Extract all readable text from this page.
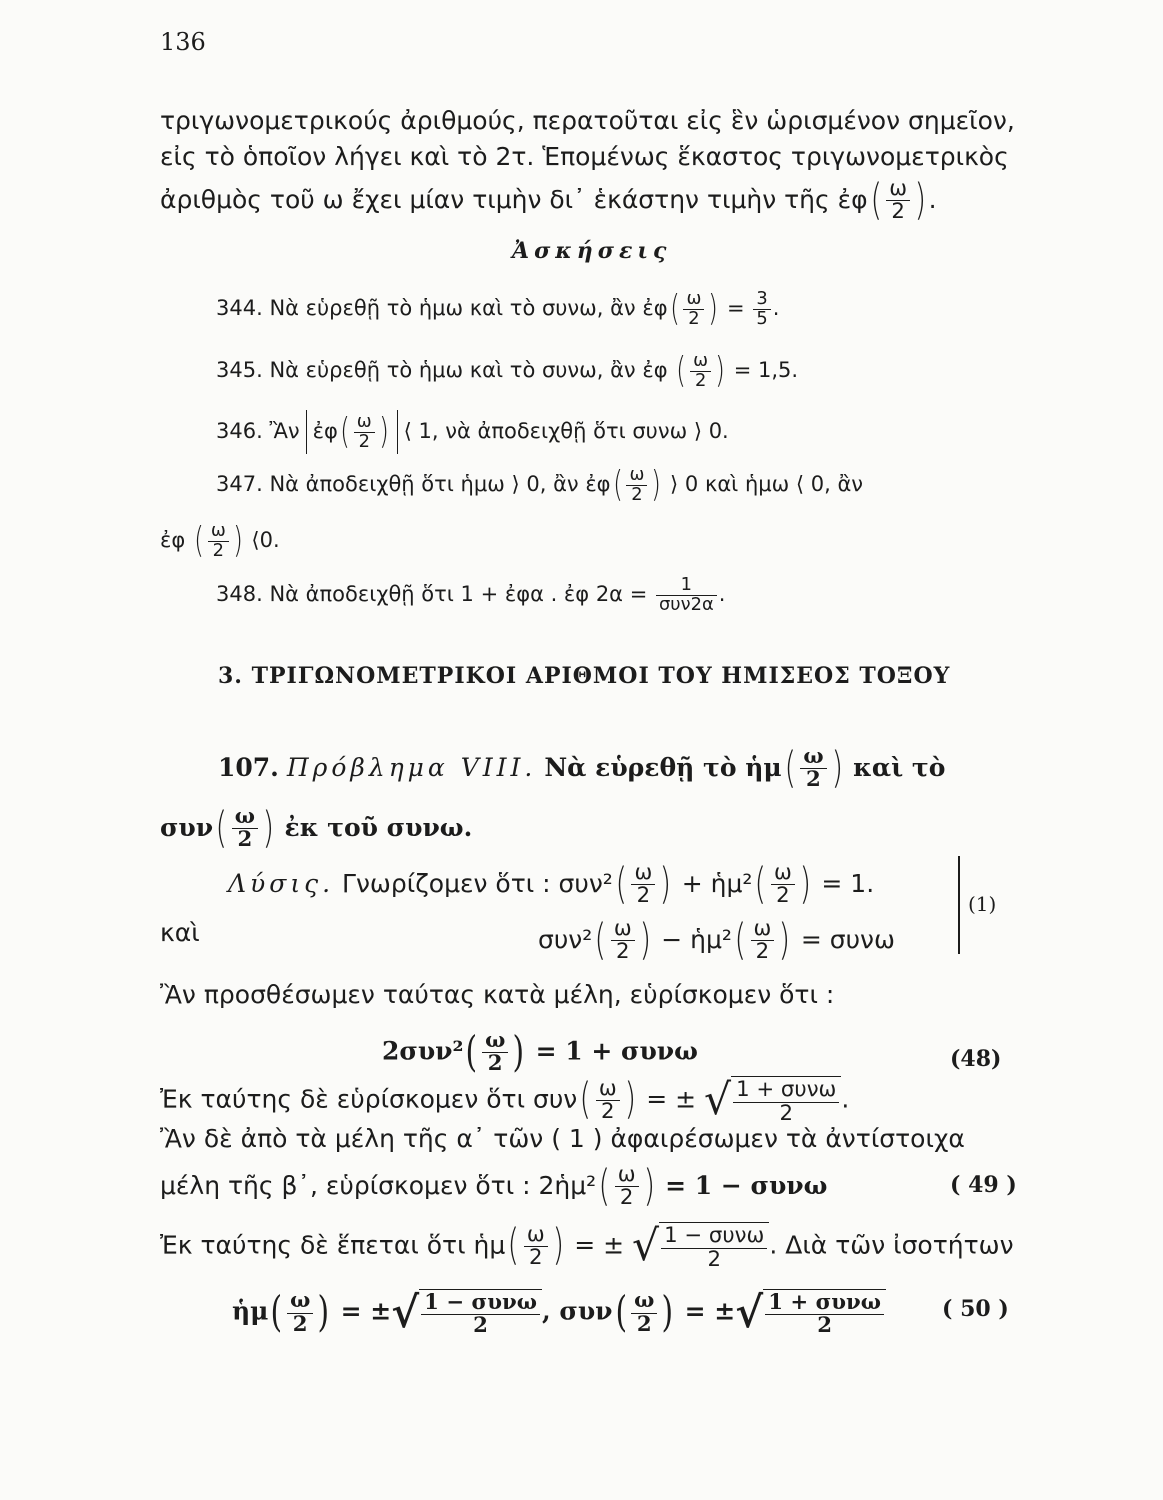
136
τριγωνομετρικούς ἀριθμούς, περατοῦται εἰς ἓν ὡρισμένον σημεῖον,
εἰς τὸ ὁποῖον λήγει καὶ τὸ 2τ. Ἑπομένως ἕκαστος τριγωνομετρικὸς
ἀριθμὸς τοῦ ω ἔχει μίαν τιμὴν δι᾽ ἑκάστην τιμὴν τῆς ἐφ( $\frac{\omega}{2}$ ).
Ἀσκήσεις
344. Νὰ εὑρεθῇ τὸ ἡμω καὶ τὸ συνω, ἂν ἐφ( $\frac{\omega}{2}$ ) = $\frac{3}{5}$ .
345. Νὰ εὑρεθῇ τὸ ἡμω καὶ τὸ συνω, ἂν ἐφ ( $\frac{\omega}{2}$ ) = 1,5.
346. Ἂν ἐφ( $\frac{\omega}{2}$ ) ⟨ 1, νὰ ἀποδειχθῇ ὅτι συνω ⟩ 0.
347. Νὰ ἀποδειχθῇ ὅτι ἡμω ⟩ 0, ἂν ἐφ( $\frac{\omega}{2}$ ) ⟩ 0 καὶ ἡμω ⟨ 0, ἂν
ἐφ ( $\frac{\omega}{2}$ ) ⟨0.
348. Νὰ ἀποδειχθῇ ὅτι 1 + ἐφα . ἐφ $2\alpha = \frac{1}{\text{συν2α}}$ .
3. ΤΡΙΓΩΝΟΜΕΤΡΙΚΟΙ ΑΡΙΘΜΟΙ ΤΟΥ ΗΜΙΣΕΟΣ ΤΟΞΟΥ
107. Πρόβλημα VIII. Νὰ εὑρεθῇ τὸ ἡμ( $\frac{\omega}{2}$ ) καὶ τὸ
$\sigma\upsilon\nu( \frac{\omega}{2}$ ) ἐκ τοῦ συνω.
Λύσις. Γνωρίζομεν ὅτι : $\sigma\upsilon\nu^2( \frac{\omega}{2}$ ) + ἡμ²( $\frac{\omega}{2}$ ) = 1.
καὶ	$\sigma\upsilon\nu^2( \frac{\omega}{2}$ ) − ἡμ²( $\frac{\omega}{2}$ ) = συνω
(1)
Ἂν προσθέσωμεν ταύτας κατὰ μέλη, εὑρίσκομεν ὅτι :
$2\sigma\upsilon\nu^2( \frac{\omega}{2}$ ) = 1 + συνω	(48)
Ἐκ ταύτης δὲ εὑρίσκομεν ὅτι $\sigma\upsilon\nu( \frac{\omega}{2}$ ) = ± √ $\frac{\text{1 + συνω}}{2}$ .
Ἂν δὲ ἀπὸ τὰ μέλη τῆς α᾽ τῶν ( 1 ) ἀφαιρέσωμεν τὰ ἀντίστοιχα
μέλη τῆς β᾽, εὑρίσκομεν ὅτι : 2ἡμ²( $\frac{\omega}{2}$ ) = 1 − συνω	( 49 )
Ἐκ ταύτης δὲ ἕπεται ὅτι ἡμ( $\frac{\omega}{2}$ ) = ± √ $\frac{\text{1 − συνω}}{2}$ . Διὰ τῶν ἰσοτήτων
ἡμ( $\frac{\omega}{2}$ ) = ±√ $\frac{\text{1 − συνω}}{2}$ , $\sigma\upsilon\nu( \frac{\omega}{2}$ ) = ±√ $\frac{\text{1 + συνω}}{2}$	( 50 )
